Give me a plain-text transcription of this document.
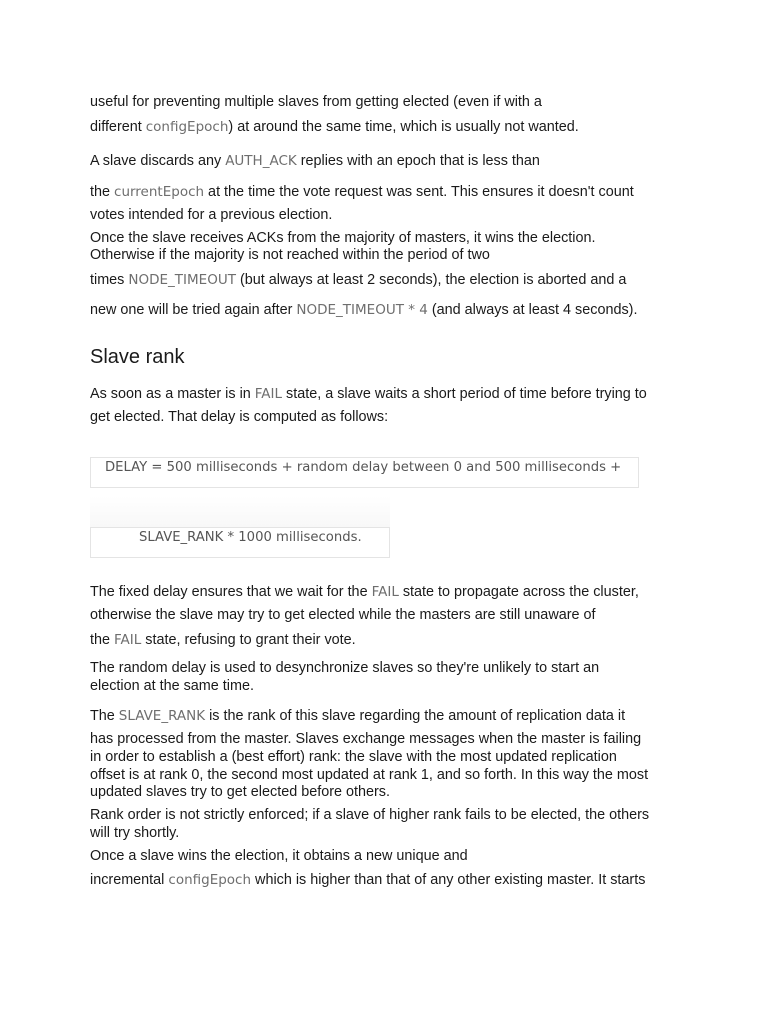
useful for preventing multiple slaves from getting elected (even if with a
different configEpoch) at around the same time, which is usually not wanted.
A slave discards any AUTH_ACK replies with an epoch that is less than
the currentEpoch at the time the vote request was sent. This ensures it doesn't count
votes intended for a previous election.
Once the slave receives ACKs from the majority of masters, it wins the election.
Otherwise if the majority is not reached within the period of two
times NODE_TIMEOUT (but always at least 2 seconds), the election is aborted and a
new one will be tried again after NODE_TIMEOUT * 4 (and always at least 4 seconds).
Slave rank
As soon as a master is in FAIL state, a slave waits a short period of time before trying to
get elected. That delay is computed as follows:
DELAY = 500 milliseconds + random delay between 0 and 500 milliseconds +
SLAVE_RANK * 1000 milliseconds.
The fixed delay ensures that we wait for the FAIL state to propagate across the cluster,
otherwise the slave may try to get elected while the masters are still unaware of
the FAIL state, refusing to grant their vote.
The random delay is used to desynchronize slaves so they're unlikely to start an
election at the same time.
The SLAVE_RANK is the rank of this slave regarding the amount of replication data it
has processed from the master. Slaves exchange messages when the master is failing
in order to establish a (best effort) rank: the slave with the most updated replication
offset is at rank 0, the second most updated at rank 1, and so forth. In this way the most
updated slaves try to get elected before others.
Rank order is not strictly enforced; if a slave of higher rank fails to be elected, the others
will try shortly.
Once a slave wins the election, it obtains a new unique and
incremental configEpoch which is higher than that of any other existing master. It starts
